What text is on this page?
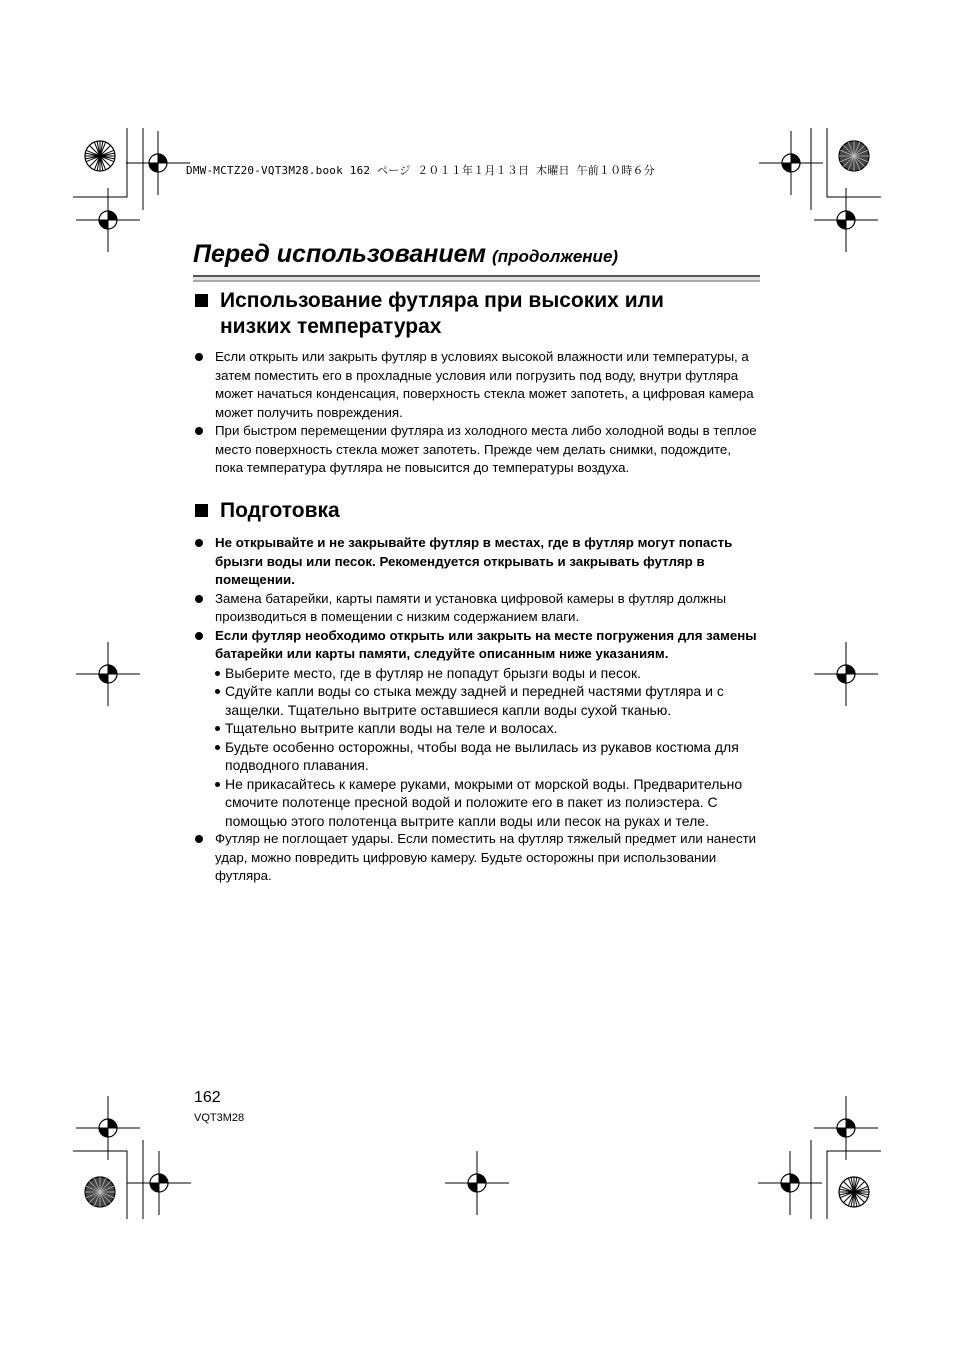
DMW-MCTZ20-VQT3M28.book 162 ページ ２０１１年１月１３日 木曜日 午前１０時６分
Перед использованием (продолжение)
Использование футляра при высоких или низких температурах
Если открыть или закрыть футляр в условиях высокой влажности или температуры, а затем поместить его в прохладные условия или погрузить под воду, внутри футляра может начаться конденсация, поверхность стекла может запотеть, а цифровая камера может получить повреждения.
При быстром перемещении футляра из холодного места либо холодной воды в теплое место поверхность стекла может запотеть. Прежде чем делать снимки, подождите, пока температура футляра не повысится до температуры воздуха.
Подготовка
Не открывайте и не закрывайте футляр в местах, где в футляр могут попасть брызги воды или песок. Рекомендуется открывать и закрывать футляр в помещении.
Замена батарейки, карты памяти и установка цифровой камеры в футляр должны производиться в помещении с низким содержанием влаги.
Если футляр необходимо открыть или закрыть на месте погружения для замены батарейки или карты памяти, следуйте описанным ниже указаниям.
Выберите место, где в футляр не попадут брызги воды и песок.
Сдуйте капли воды со стыка между задней и передней частями футляра и с защелки. Тщательно вытрите оставшиеся капли воды сухой тканью.
Тщательно вытрите капли воды на теле и волосах.
Будьте особенно осторожны, чтобы вода не вылилась из рукавов костюма для подводного плавания.
Не прикасайтесь к камере руками, мокрыми от морской воды. Предварительно смочите полотенце пресной водой и положите его в пакет из полиэстера. С помощью этого полотенца вытрите капли воды или песок на руках и теле.
Футляр не поглощает удары. Если поместить на футляр тяжелый предмет или нанести удар, можно повредить цифровую камеру. Будьте осторожны при использовании футляра.
162
VQT3M28
